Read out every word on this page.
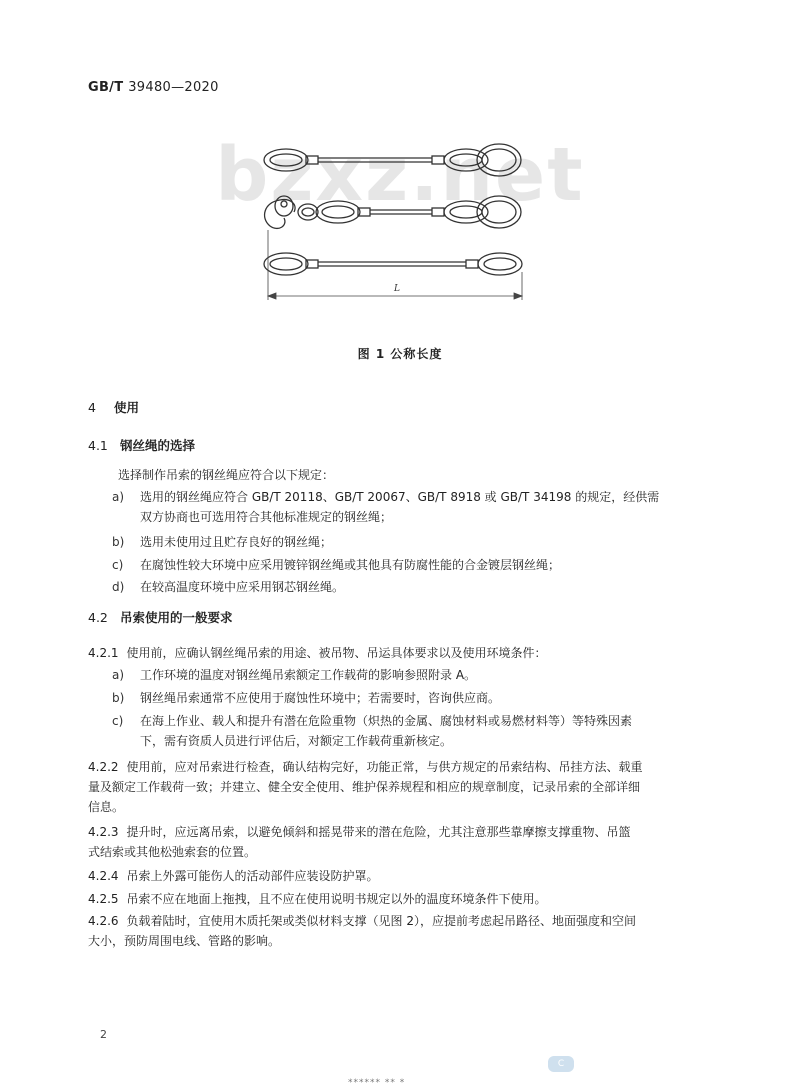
GB/T 39480—2020
bzxz.net
L
图 1 公称长度
4 使用
4.1 钢丝绳的选择
选择制作吊索的钢丝绳应符合以下规定：
a)	选用的钢丝绳应符合 GB/T 20118、GB/T 20067、GB/T 8918 或 GB/T 34198 的规定，经供需
双方协商也可选用符合其他标准规定的钢丝绳；
b)	选用未使用过且贮存良好的钢丝绳；
c)	在腐蚀性较大环境中应采用镀锌钢丝绳或其他具有防腐性能的合金镀层钢丝绳；
d)	在较高温度环境中应采用钢芯钢丝绳。
4.2 吊索使用的一般要求
4.2.1 使用前，应确认钢丝绳吊索的用途、被吊物、吊运具体要求以及使用环境条件：
a)	工作环境的温度对钢丝绳吊索额定工作载荷的影响参照附录 A。
b)	钢丝绳吊索通常不应使用于腐蚀性环境中；若需要时，咨询供应商。
c)	在海上作业、载人和提升有潜在危险重物（炽热的金属、腐蚀材料或易燃材料等）等特殊因素
下，需有资质人员进行评估后，对额定工作载荷重新核定。
4.2.2 使用前，应对吊索进行检查，确认结构完好，功能正常，与供方规定的吊索结构、吊挂方法、载重
量及额定工作载荷一致；并建立、健全安全使用、维护保养规程和相应的规章制度，记录吊索的全部详细
信息。
4.2.3 提升时，应远离吊索，以避免倾斜和摇晃带来的潜在危险，尤其注意那些靠摩擦支撑重物、吊篮
式结索或其他松弛索套的位置。
4.2.4 吊索上外露可能伤人的活动部件应装设防护罩。
4.2.5 吊索不应在地面上拖拽，且不应在使用说明书规定以外的温度环境条件下使用。
4.2.6 负载着陆时，宜使用木质托架或类似材料支撑（见图 2），应提前考虑起吊路径、地面强度和空间
大小，预防周围电线、管路的影响。
2
C
****** ** *
